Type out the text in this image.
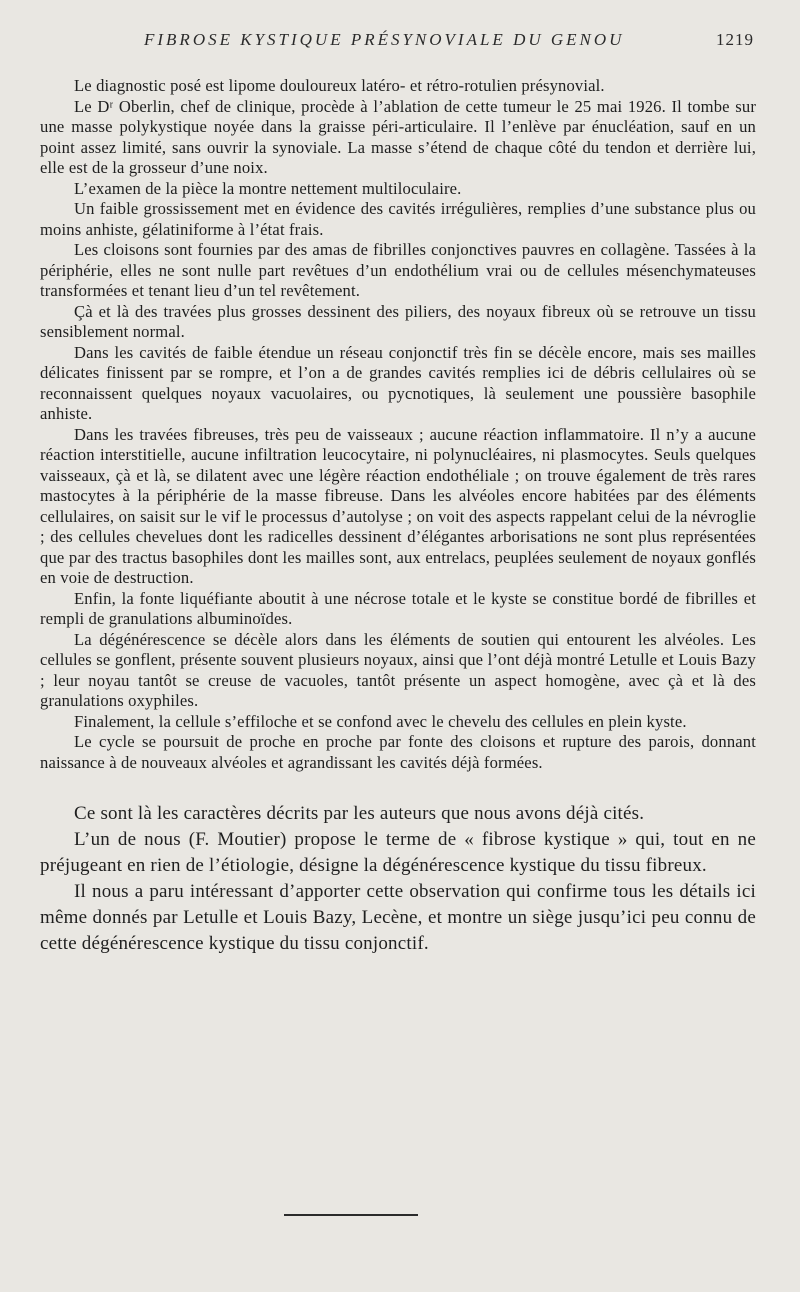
FIBROSE KYSTIQUE PRÉSYNOVIALE DU GENOU	1219

Le diagnostic posé est lipome douloureux latéro- et rétro-rotulien présynovial.

Le Dʳ Oberlin, chef de clinique, procède à l’ablation de cette tumeur le 25 mai 1926. Il tombe sur une masse polykystique noyée dans la graisse péri-articulaire. Il l’enlève par énucléation, sauf en un point assez limité, sans ouvrir la synoviale. La masse s’étend de chaque côté du tendon et derrière lui, elle est de la grosseur d’une noix.

L’examen de la pièce la montre nettement multiloculaire.

Un faible grossissement met en évidence des cavités irrégulières, remplies d’une substance plus ou moins anhiste, gélatiniforme à l’état frais.

Les cloisons sont fournies par des amas de fibrilles conjonctives pauvres en collagène. Tassées à la périphérie, elles ne sont nulle part revêtues d’un endothélium vrai ou de cellules mésenchymateuses transformées et tenant lieu d’un tel revêtement.

Çà et là des travées plus grosses dessinent des piliers, des noyaux fibreux où se retrouve un tissu sensiblement normal.

Dans les cavités de faible étendue un réseau conjonctif très fin se décèle encore, mais ses mailles délicates finissent par se rompre, et l’on a de grandes cavités remplies ici de débris cellulaires où se reconnaissent quelques noyaux vacuolaires, ou pycnotiques, là seulement une poussière basophile anhiste.

Dans les travées fibreuses, très peu de vaisseaux ; aucune réaction inflammatoire. Il n’y a aucune réaction interstitielle, aucune infiltration leucocytaire, ni polynucléaires, ni plasmocytes. Seuls quelques vaisseaux, çà et là, se dilatent avec une légère réaction endothéliale ; on trouve également de très rares mastocytes à la périphérie de la masse fibreuse. Dans les alvéoles encore habitées par des éléments cellulaires, on saisit sur le vif le processus d’autolyse ; on voit des aspects rappelant celui de la névroglie ; des cellules chevelues dont les radicelles dessinent d’élégantes arborisations ne sont plus représentées que par des tractus basophiles dont les mailles sont, aux entrelacs, peuplées seulement de noyaux gonflés en voie de destruction.

Enfin, la fonte liquéfiante aboutit à une nécrose totale et le kyste se constitue bordé de fibrilles et rempli de granulations albuminoïdes.

La dégénérescence se décèle alors dans les éléments de soutien qui entourent les alvéoles. Les cellules se gonflent, présente souvent plusieurs noyaux, ainsi que l’ont déjà montré Letulle et Louis Bazy ; leur noyau tantôt se creuse de vacuoles, tantôt présente un aspect homogène, avec çà et là des granulations oxyphiles.

Finalement, la cellule s’effiloche et se confond avec le chevelu des cellules en plein kyste.

Le cycle se poursuit de proche en proche par fonte des cloisons et rupture des parois, donnant naissance à de nouveaux alvéoles et agrandissant les cavités déjà formées.

Ce sont là les caractères décrits par les auteurs que nous avons déjà cités.

L’un de nous (F. Moutier) propose le terme de « fibrose kystique » qui, tout en ne préjugeant en rien de l’étiologie, désigne la dégénérescence kystique du tissu fibreux.

Il nous a paru intéressant d’apporter cette observation qui confirme tous les détails ici même donnés par Letulle et Louis Bazy, Lecène, et montre un siège jusqu’ici peu connu de cette dégénérescence kystique du tissu conjonctif.
